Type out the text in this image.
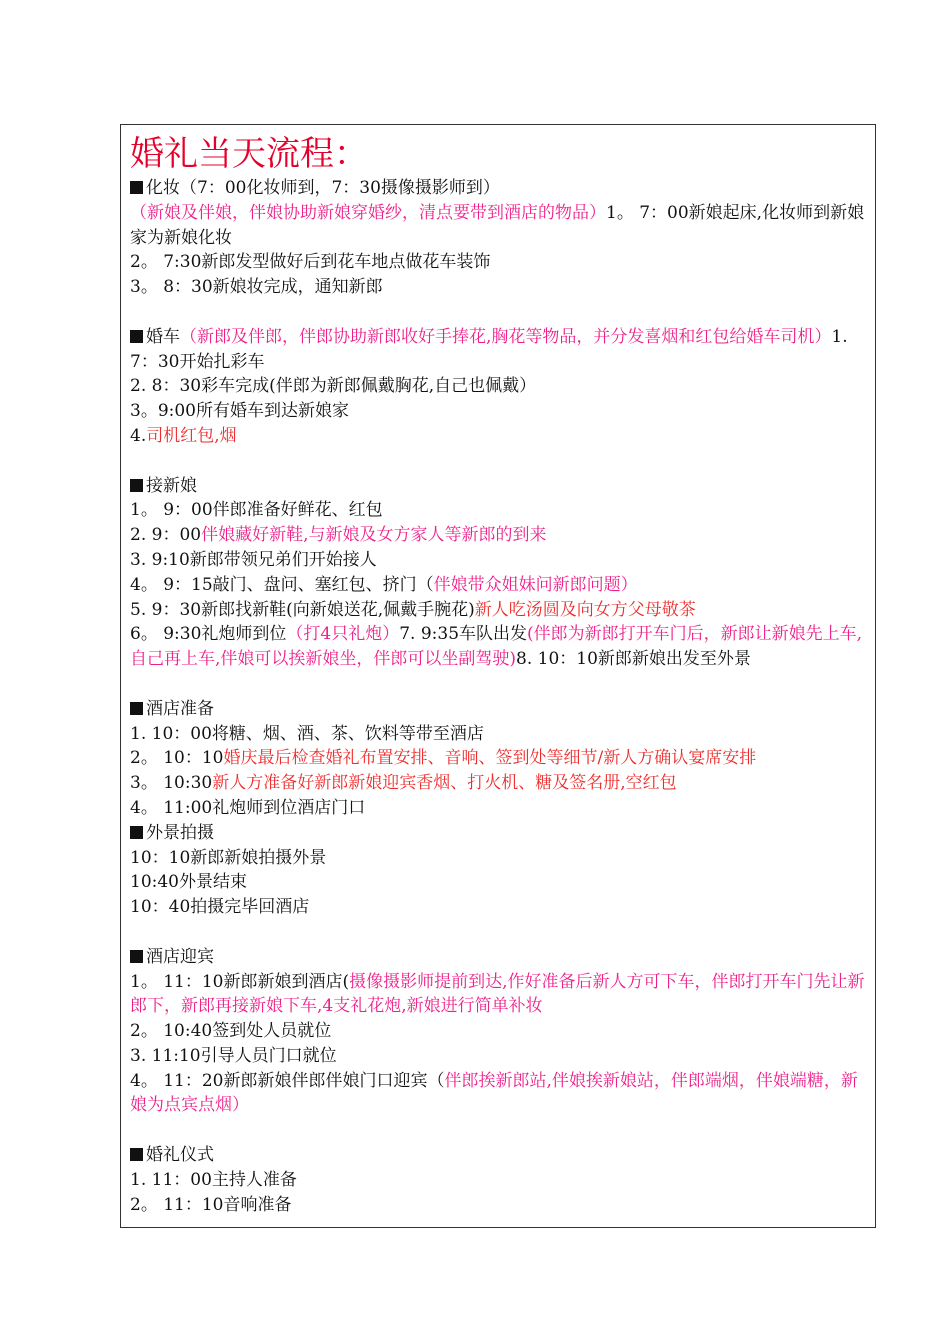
婚礼当天流程：
化妆（7：00化妆师到，7：30摄像摄影师到）
（新娘及伴娘，伴娘协助新娘穿婚纱，清点要带到酒店的物品）1。 7：00新娘起床,化妆师到新娘家为新娘化妆
2。 7:30新郎发型做好后到花车地点做花车装饰
3。 8：30新娘妆完成，通知新郎
婚车（新郎及伴郎，伴郎协助新郎收好手捧花,胸花等物品，并分发喜烟和红包给婚车司机）1. 7：30开始扎彩车
2. 8：30彩车完成(伴郎为新郎佩戴胸花,自己也佩戴）
3。9:00所有婚车到达新娘家
4.司机红包,烟
接新娘
1。 9：00伴郎准备好鲜花、红包
2. 9：00伴娘藏好新鞋,与新娘及女方家人等新郎的到来
3. 9:10新郎带领兄弟们开始接人
4。 9：15敲门、盘问、塞红包、挤门（伴娘带众姐妹问新郎问题）
5. 9：30新郎找新鞋(向新娘送花,佩戴手腕花)新人吃汤圆及向女方父母敬茶
6。 9:30礼炮师到位（打4只礼炮）7. 9:35车队出发(伴郎为新郎打开车门后，新郎让新娘先上车,自己再上车,伴娘可以挨新娘坐，伴郎可以坐副驾驶)8. 10：10新郎新娘出发至外景
酒店准备
1. 10：00将糖、烟、酒、茶、饮料等带至酒店
2。 10：10婚庆最后检查婚礼布置安排、音响、签到处等细节/新人方确认宴席安排
3。 10:30新人方准备好新郎新娘迎宾香烟、打火机、糖及签名册,空红包
4。 11:00礼炮师到位酒店门口
外景拍摄
10：10新郎新娘拍摄外景
10:40外景结束
10：40拍摄完毕回酒店
酒店迎宾
1。 11：10新郎新娘到酒店(摄像摄影师提前到达,作好准备后新人方可下车，伴郎打开车门先让新郎下，新郎再接新娘下车,4支礼花炮,新娘进行简单补妆
2。 10:40签到处人员就位
3. 11:10引导人员门口就位
4。 11：20新郎新娘伴郎伴娘门口迎宾（伴郎挨新郎站,伴娘挨新娘站，伴郎端烟，伴娘端糖，新娘为点宾点烟）
婚礼仪式
1. 11：00主持人准备
2。 11：10音响准备
